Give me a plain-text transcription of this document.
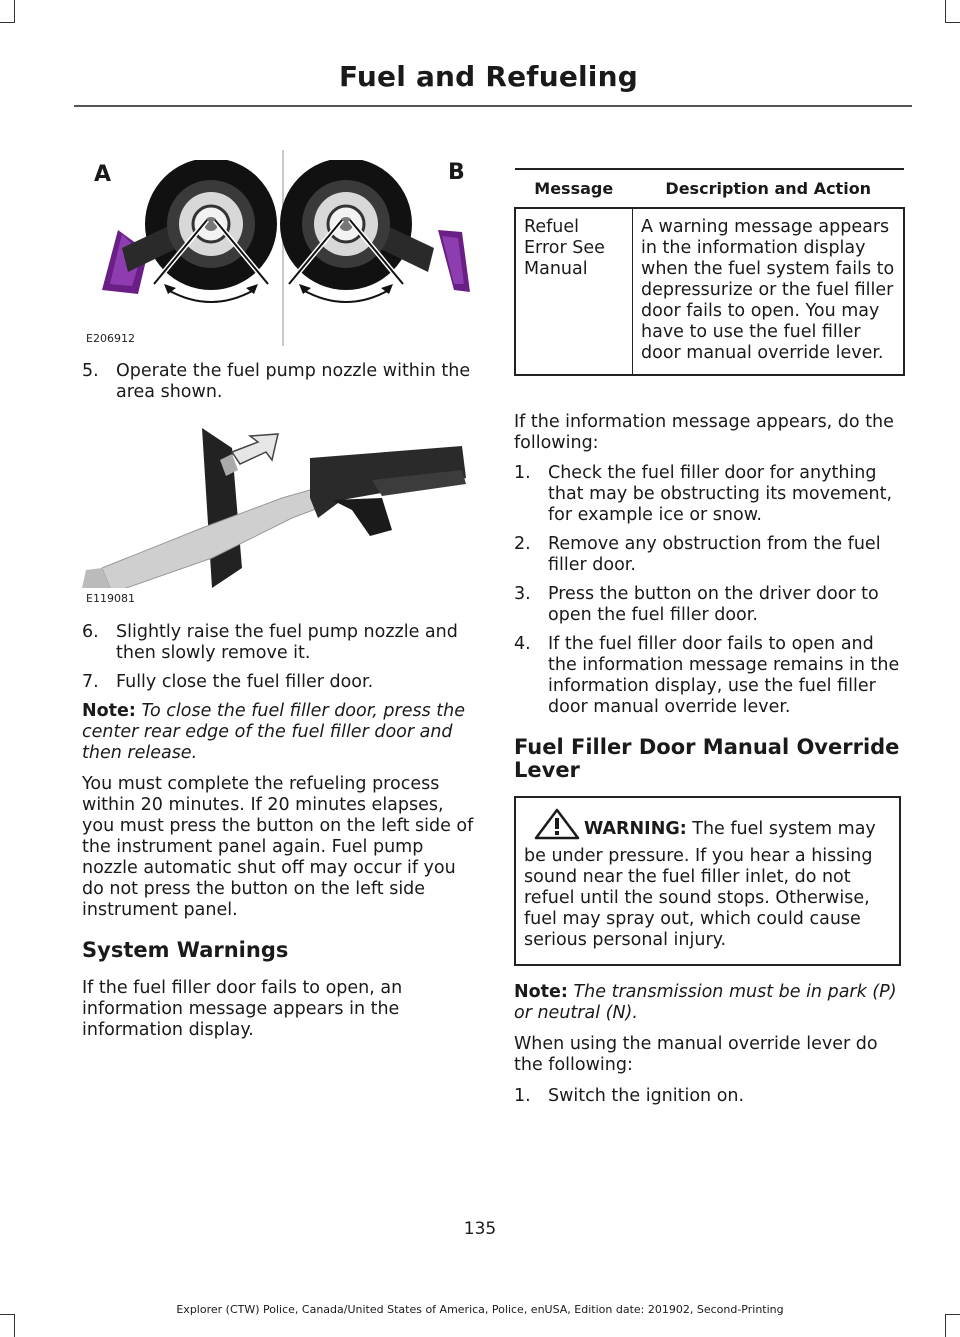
Fuel and Refueling
A	B
E206912
5. Operate the fuel pump nozzle within the area shown.
E119081
6. Slightly raise the fuel pump nozzle and then slowly remove it.
7. Fully close the fuel filler door.

Note: To close the fuel filler door, press the center rear edge of the fuel filler door and then release.

You must complete the refueling process within 20 minutes. If 20 minutes elapses, you must press the button on the left side of the instrument panel again. Fuel pump nozzle automatic shut off may occur if you do not press the button on the left side instrument panel.

System Warnings

If the fuel filler door fails to open, an information message appears in the information display.

Message	Description and Action
Refuel Error See Manual	A warning message appears in the information display when the fuel system fails to depressurize or the fuel filler door fails to open. You may have to use the fuel filler door manual override lever.

If the information message appears, do the following:

1. Check the fuel filler door for anything that may be obstructing its movement, for example ice or snow.
2. Remove any obstruction from the fuel filler door.
3. Press the button on the driver door to open the fuel filler door.
4. If the fuel filler door fails to open and the information message remains in the information display, use the fuel filler door manual override lever.
Fuel Filler Door Manual Override Lever
WARNING: The fuel system may be under pressure. If you hear a hissing sound near the fuel filler inlet, do not refuel until the sound stops. Otherwise, fuel may spray out, which could cause serious personal injury.

Note: The transmission must be in park (P) or neutral (N).

When using the manual override lever do the following:

1. Switch the ignition on.
135
Explorer (CTW) Police, Canada/United States of America, Police, enUSA, Edition date: 201902, Second-Printing
